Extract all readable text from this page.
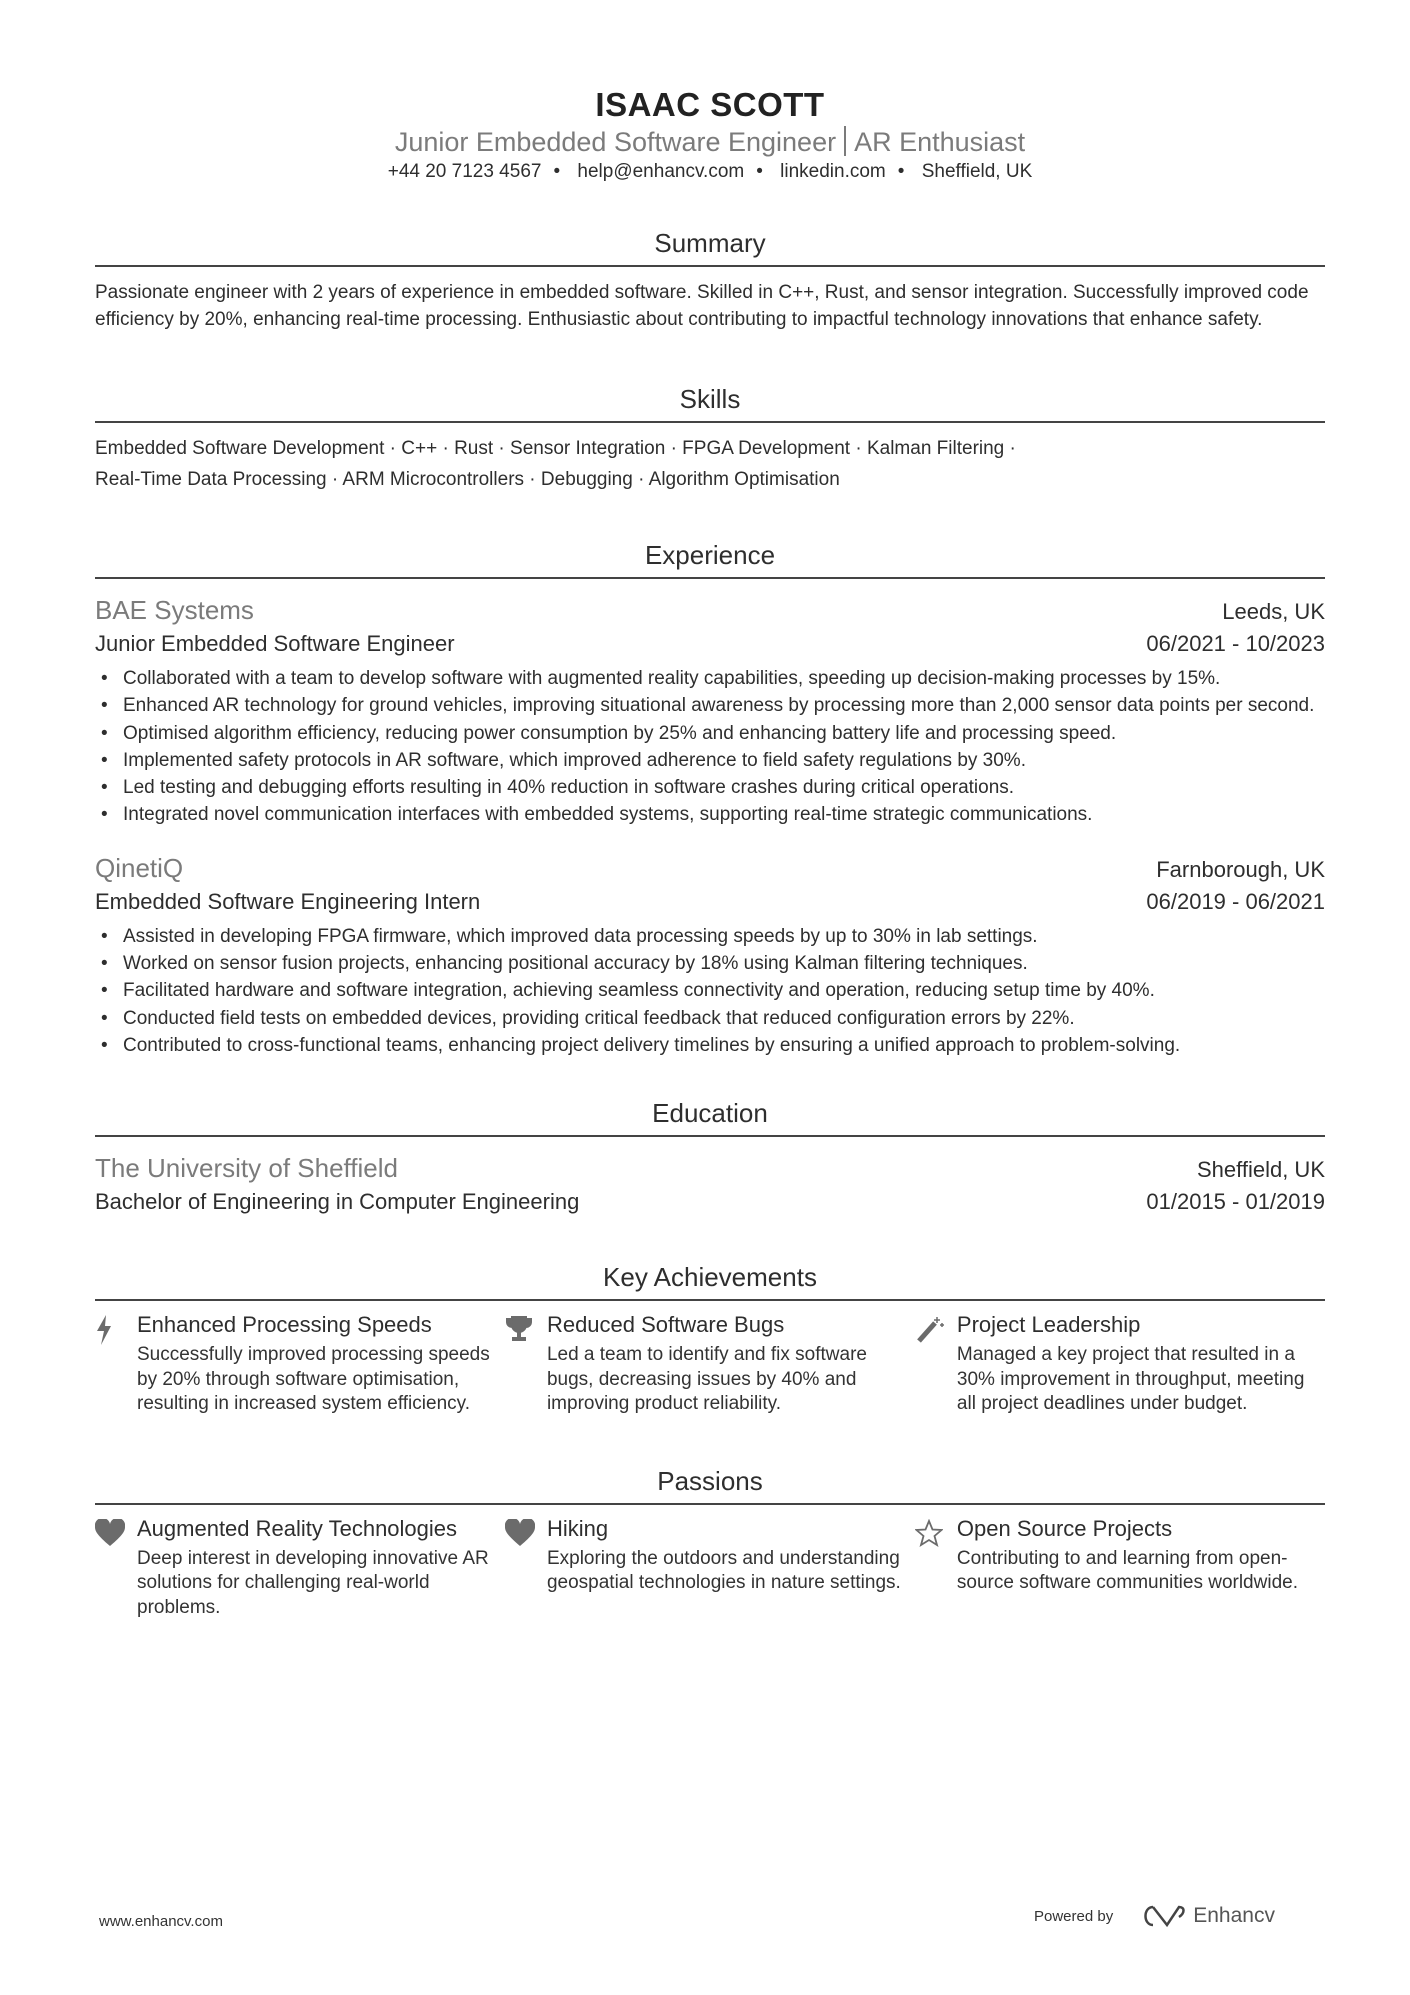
ISAAC SCOTT
Junior Embedded Software Engineer AR Enthusiast
+44 20 7123 4567 • help@enhancv.com • linkedin.com • Sheffield, UK
Summary
Passionate engineer with 2 years of experience in embedded software. Skilled in C++, Rust, and sensor integration. Successfully improved code efficiency by 20%, enhancing real-time processing. Enthusiastic about contributing to impactful technology innovations that enhance safety.
Skills
Embedded Software Development · C++ · Rust · Sensor Integration · FPGA Development · Kalman Filtering ·
Real-Time Data Processing · ARM Microcontrollers · Debugging · Algorithm Optimisation
Experience
BAE Systems	Leeds, UK
Junior Embedded Software Engineer	06/2021 - 10/2023
• Collaborated with a team to develop software with augmented reality capabilities, speeding up decision-making processes by 15%.
• Enhanced AR technology for ground vehicles, improving situational awareness by processing more than 2,000 sensor data points per second.
• Optimised algorithm efficiency, reducing power consumption by 25% and enhancing battery life and processing speed.
• Implemented safety protocols in AR software, which improved adherence to field safety regulations by 30%.
• Led testing and debugging efforts resulting in 40% reduction in software crashes during critical operations.
• Integrated novel communication interfaces with embedded systems, supporting real-time strategic communications.
QinetiQ	Farnborough, UK
Embedded Software Engineering Intern	06/2019 - 06/2021
• Assisted in developing FPGA firmware, which improved data processing speeds by up to 30% in lab settings.
• Worked on sensor fusion projects, enhancing positional accuracy by 18% using Kalman filtering techniques.
• Facilitated hardware and software integration, achieving seamless connectivity and operation, reducing setup time by 40%.
• Conducted field tests on embedded devices, providing critical feedback that reduced configuration errors by 22%.
• Contributed to cross-functional teams, enhancing project delivery timelines by ensuring a unified approach to problem-solving.
Education
The University of Sheffield	Sheffield, UK
Bachelor of Engineering in Computer Engineering	01/2015 - 01/2019
Key Achievements
Enhanced Processing Speeds
Successfully improved processing speeds by 20% through software optimisation, resulting in increased system efficiency.
Reduced Software Bugs
Led a team to identify and fix software bugs, decreasing issues by 40% and improving product reliability.
Project Leadership
Managed a key project that resulted in a 30% improvement in throughput, meeting all project deadlines under budget.
Passions
Augmented Reality Technologies
Deep interest in developing innovative AR solutions for challenging real-world problems.
Hiking
Exploring the outdoors and understanding geospatial technologies in nature settings.
Open Source Projects
Contributing to and learning from open-source software communities worldwide.
www.enhancv.com	Powered by	Enhancv
